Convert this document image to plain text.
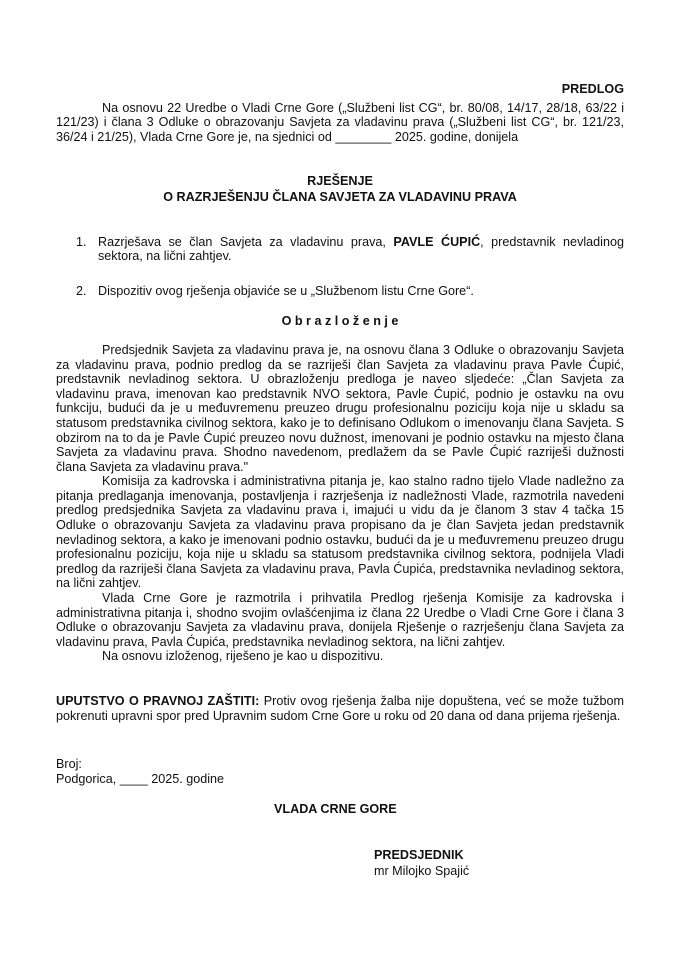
PREDLOG

Na osnovu 22 Uredbe o Vladi Crne Gore („Službeni list CG“, br. 80/08, 14/17, 28/18, 63/22 i 121/23) i člana 3 Odluke o obrazovanju Savjeta za vladavinu prava („Službeni list CG“, br. 121/23, 36/24 i 21/25), Vlada Crne Gore je, na sjednici od ________ 2025. godine, donijela

RJEŠENJE
O RAZRJEŠENJU ČLANA SAVJETA ZA VLADAVINU PRAVA
1. Razrješava se član Savjeta za vladavinu prava, PAVLE ĆUPIĆ, predstavnik nevladinog sektora, na lični zahtjev.

2. Dispozitiv ovog rješenja objaviće se u „Službenom listu Crne Gore“.

O b r a z l o ž e n j e

Predsjednik Savjeta za vladavinu prava je, na osnovu člana 3 Odluke o obrazovanju Savjeta za vladavinu prava, podnio predlog da se razriješi član Savjeta za vladavinu prava Pavle Ćupić, predstavnik nevladinog sektora. U obrazloženju predloga je naveo sljedeće: „Član Savjeta za vladavinu prava, imenovan kao predstavnik NVO sektora, Pavle Ćupić, podnio je ostavku na ovu funkciju, budući da je u međuvremenu preuzeo drugu profesionalnu poziciju koja nije u skladu sa statusom predstavnika civilnog sektora, kako je to definisano Odlukom o imenovanju člana Savjeta. S obzirom na to da je Pavle Ćupić preuzeo novu dužnost, imenovani je podnio ostavku na mjesto člana Savjeta za vladavinu prava. Shodno navedenom, predlažem da se Pavle Ćupić razriješi dužnosti člana Savjeta za vladavinu prava."

Komisija za kadrovska i administrativna pitanja je, kao stalno radno tijelo Vlade nadležno za pitanja predlaganja imenovanja, postavljenja i razrješenja iz nadležnosti Vlade, razmotrila navedeni predlog predsjednika Savjeta za vladavinu prava i, imajući u vidu da je članom 3 stav 4 tačka 15 Odluke o obrazovanju Savjeta za vladavinu prava propisano da je član Savjeta jedan predstavnik nevladinog sektora, a kako je imenovani podnio ostavku, budući da je u međuvremenu preuzeo drugu profesionalnu poziciju, koja nije u skladu sa statusom predstavnika civilnog sektora, podnijela Vladi predlog da razriješi člana Savjeta za vladavinu prava, Pavla Ćupića, predstavnika nevladinog sektora, na lični zahtjev.

Vlada Crne Gore je razmotrila i prihvatila Predlog rješenja Komisije za kadrovska i administrativna pitanja i, shodno svojim ovlašćenjima iz člana 22 Uredbe o Vladi Crne Gore i člana 3 Odluke o obrazovanju Savjeta za vladavinu prava, donijela Rješenje o razrješenju člana Savjeta za vladavinu prava, Pavla Ćupića, predstavnika nevladinog sektora, na lični zahtjev.

Na osnovu izloženog, riješeno je kao u dispozitivu.

UPUTSTVO O PRAVNOJ ZAŠTITI: Protiv ovog rješenja žalba nije dopuštena, već se može tužbom pokrenuti upravni spor pred Upravnim sudom Crne Gore u roku od 20 dana od dana prijema rješenja.

Broj:
Podgorica, ____ 2025. godine
VLADA CRNE GORE
PREDSJEDNIK
mr Milojko Spajić
